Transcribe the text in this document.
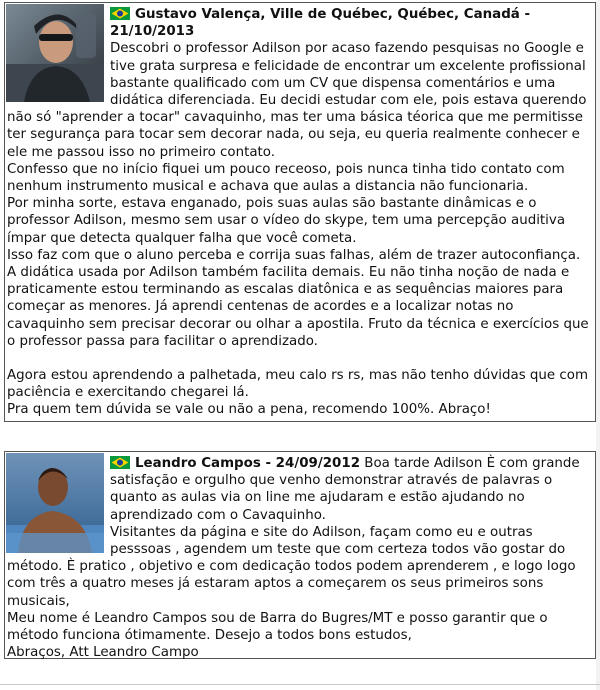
Gustavo Valença, Ville de Québec, Québec, Canadá - 21/10/2013

Descobri o professor Adilson por acaso fazendo pesquisas no Google e tive grata surpresa e felicidade de encontrar um excelente profissional bastante qualificado com um CV que dispensa comentários e uma didática diferenciada. Eu decidi estudar com ele, pois estava querendo não só "aprender a tocar" cavaquinho, mas ter uma básica téorica que me permitisse ter segurança para tocar sem decorar nada, ou seja, eu queria realmente conhecer e ele me passou isso no primeiro contato.

Confesso que no início fiquei um pouco receoso, pois nunca tinha tido contato com nenhum instrumento musical e achava que aulas a distancia não funcionaria.

Por minha sorte, estava enganado, pois suas aulas são bastante dinâmicas e o professor Adilson, mesmo sem usar o vídeo do skype, tem uma percepção auditiva ímpar que detecta qualquer falha que você cometa.

Isso faz com que o aluno perceba e corrija suas falhas, além de trazer autoconfiança. A didática usada por Adilson também facilita demais. Eu não tinha noção de nada e praticamente estou terminando as escalas diatônica e as sequências maiores para começar as menores. Já aprendi centenas de acordes e a localizar notas no cavaquinho sem precisar decorar ou olhar a apostila. Fruto da técnica e exercícios que o professor passa para facilitar o aprendizado.

Agora estou aprendendo a palhetada, meu calo rs rs, mas não tenho dúvidas que com paciência e exercitando chegarei lá.

Pra quem tem dúvida se vale ou não a pena, recomendo 100%. Abraço!

Leandro Campos - 24/09/2012 Boa tarde Adilson È com grande satisfação e orgulho que venho demonstrar através de palavras o quanto as aulas via on line me ajudaram e estão ajudando no aprendizado com o Cavaquinho.

Visitantes da página e site do Adilson, façam como eu e outras pesssoas , agendem um teste que com certeza todos vão gostar do método. È pratico , objetivo e com dedicação todos podem aprenderem , e logo logo com três a quatro meses já estaram aptos a começarem os seus primeiros sons musicais,

Meu nome é Leandro Campos sou de Barra do Bugres/MT e posso garantir que o método funciona ótimamente. Desejo a todos bons estudos,

Abraços, Att Leandro Campo
